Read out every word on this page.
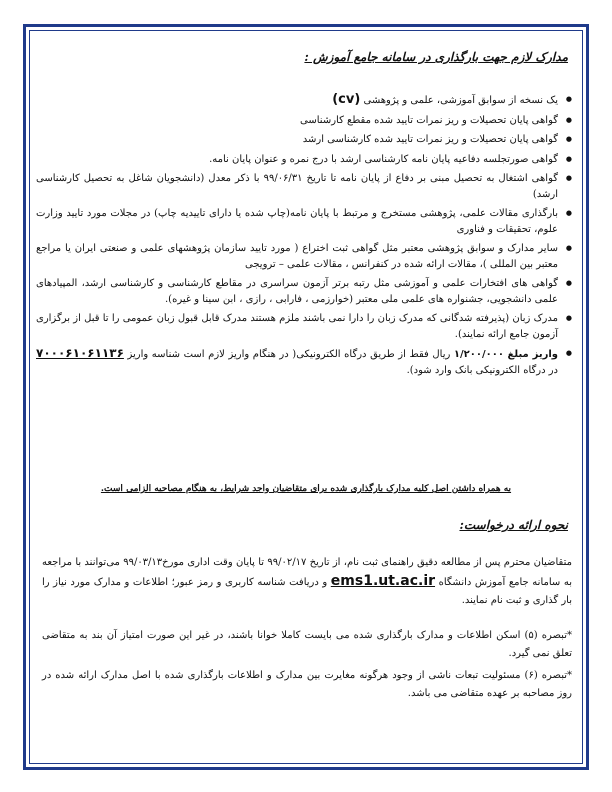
مدارک لازم جهت بارگذاری در سامانه جامع آموزش :
● یک نسخه از سوابق آموزشی، علمی و پژوهشی (cv)
● گواهی پایان تحصیلات و ریز نمرات تایید شده مقطع کارشناسی
● گواهی پایان تحصیلات و ریز نمرات تایید شده کارشناسی ارشد
● گواهی صورتجلسه دفاعیه پایان نامه کارشناسی ارشد با درج نمره و عنوان پایان نامه.
● گواهی اشتغال به تحصیل مبنی بر دفاع از پایان نامه تا تاریخ ۹۹/۰۶/۳۱ با ذکر معدل (دانشجویان شاغل به تحصیل کارشناسی ارشد)
● بارگذاری مقالات علمی، پژوهشی مستخرج و مرتبط با پایان نامه(چاپ شده یا دارای تاییدیه چاپ) در مجلات مورد تایید وزارت علوم، تحقیقات و فناوری
● سایر مدارک و سوابق پژوهشی معتبر مثل گواهی ثبت اختراع ( مورد تایید سازمان پژوهشهای علمی و صنعتی ایران یا مراجع معتبر بین المللی )، مقالات ارائه شده در کنفرانس ، مقالات علمی – ترویجی
● گواهی های افتخارات علمی و آموزشی مثل رتبه برتر آزمون سراسری در مقاطع کارشناسی و کارشناسی ارشد، المپیادهای علمی دانشجویی، جشنواره های علمی ملی معتبر (خوارزمی ، فارابی ، رازی ، ابن سینا و غیره).
● مدرک زبان (پذیرفته شدگانی که مدرک زبان را دارا نمی باشند ملزم هستند مدرک قابل قبول زبان عمومی را تا قبل از برگزاری آزمون جامع ارائه نمایند).
● واریز مبلغ ۱/۲۰۰/۰۰۰ ریال فقط از طریق درگاه الکترونیکی( در هنگام واریز لازم است شناسه واریز ۷۰۰۰۶۱۰۶۱۱۳۶ در درگاه الکترونیکی بانک وارد شود).
به همراه داشتن اصل کلیه مدارک بارگذاری شده برای متقاضیان واجد شرایط، به هنگام مصاحبه الزامی است.
نحوه ارائه درخواست:

متقاضیان محترم پس از مطالعه دقیق راهنمای ثبت نام، از تاریخ ۹۹/۰۲/۱۷ تا پایان وقت اداری مورخ۹۹/۰۳/۱۳ می‌توانند با مراجعه به سامانه جامع آموزش دانشگاه ems1.ut.ac.ir و دریافت شناسه کاربری و رمز عبور؛ اطلاعات و مدارک مورد نیاز را بار گذاری و ثبت نام نمایند.

*تبصره (۵) اسکن اطلاعات و مدارک بارگذاری شده می بایست کاملا خوانا باشند، در غیر این صورت امتیاز آن بند به متقاضی تعلق نمی گیرد.

*تبصره (۶) مسئولیت تبعات ناشی از وجود هرگونه مغایرت بین مدارک و اطلاعات بارگذاری شده با اصل مدارک ارائه شده در روز مصاحبه بر عهده متقاضی می باشد.
